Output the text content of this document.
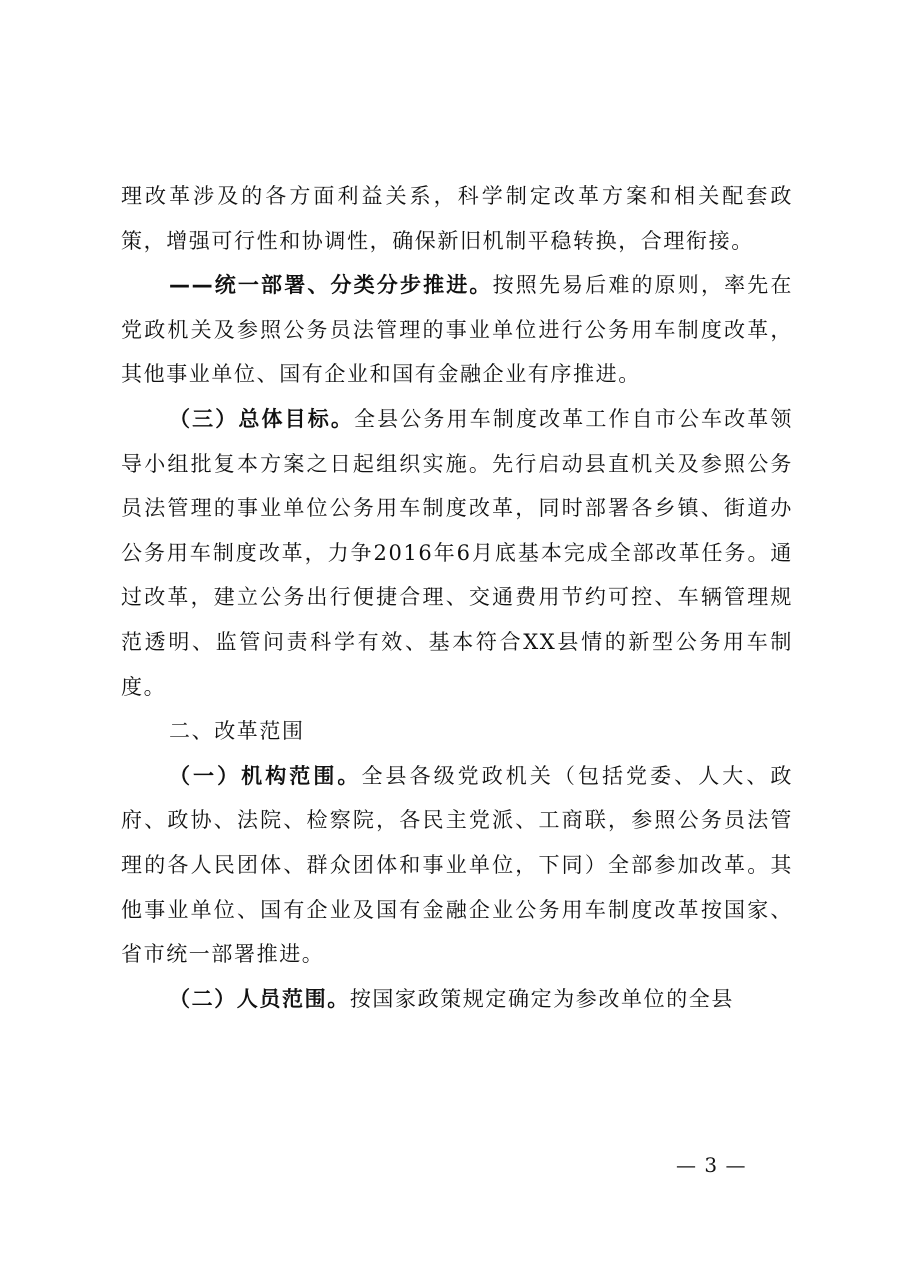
理改革涉及的各方面利益关系，科学制定改革方案和相关配套政策，增强可行性和协调性，确保新旧机制平稳转换，合理衔接。

——统一部署、分类分步推进。按照先易后难的原则，率先在党政机关及参照公务员法管理的事业单位进行公务用车制度改革，其他事业单位、国有企业和国有金融企业有序推进。

（三）总体目标。全县公务用车制度改革工作自市公车改革领导小组批复本方案之日起组织实施。先行启动县直机关及参照公务员法管理的事业单位公务用车制度改革，同时部署各乡镇、街道办公务用车制度改革，力争2016年6月底基本完成全部改革任务。通过改革，建立公务出行便捷合理、交通费用节约可控、车辆管理规范透明、监管问责科学有效、基本符合XX县情的新型公务用车制度。

二、改革范围

（一）机构范围。全县各级党政机关（包括党委、人大、政府、政协、法院、检察院，各民主党派、工商联，参照公务员法管理的各人民团体、群众团体和事业单位，下同）全部参加改革。其他事业单位、国有企业及国有金融企业公务用车制度改革按国家、省市统一部署推进。

（二）人员范围。按国家政策规定确定为参改单位的全县

— 3 —
